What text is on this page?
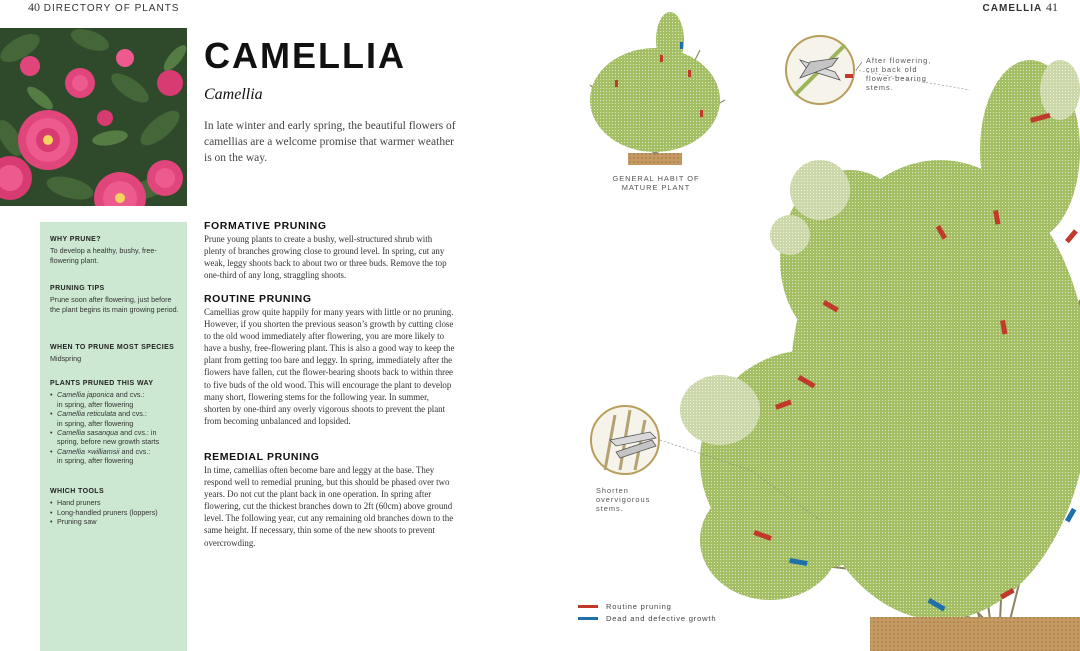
40 DIRECTORY OF PLANTS	CAMELLIA 41
CAMELLIA
Camellia
In late winter and early spring, the beautiful flowers of camellias are a welcome promise that warmer weather is on the way.
WHY PRUNE?
To develop a healthy, bushy, free-flowering plant.
PRUNING TIPS
Prune soon after flowering, just before the plant begins its main growing period.
WHEN TO PRUNE MOST SPECIES
Midspring
PLANTS PRUNED THIS WAY
• Camellia japonica and cvs.:
in spring, after flowering
• Camellia reticulata and cvs.:
in spring, after flowering
• Camellia sasanqua and cvs.: in
spring, before new growth starts
• Camellia ×williamsii and cvs.:
in spring, after flowering
WHICH TOOLS
• Hand pruners
• Long-handled pruners (loppers)
• Pruning saw
FORMATIVE PRUNING
Prune young plants to create a bushy, well-structured shrub with plenty of branches growing close to ground level. In spring, cut any weak, leggy shoots back to about two or three buds. Remove the top one-third of any long, straggling shoots.
ROUTINE PRUNING
Camellias grow quite happily for many years with little or no pruning. However, if you shorten the previous season’s growth by cutting close to the old wood immediately after flowering, you are more likely to have a bushy, free-flowering plant. This is also a good way to keep the plant from getting too bare and leggy. In spring, immediately after the flowers have fallen, cut the flower-bearing shoots back to within three to five buds of the old wood. This will encourage the plant to develop many short, flowering stems for the following year. In summer, shorten by one-third any overly vigorous shoots to prevent the plant from becoming unbalanced and lopsided.
REMEDIAL PRUNING
In time, camellias often become bare and leggy at the base. They respond well to remedial pruning, but this should be phased over two years. Do not cut the plant back in one operation. In spring after flowering, cut the thickest branches down to 2ft (60cm) above ground level. The following year, cut any remaining old branches down to the same height. If necessary, thin some of the new shoots to prevent overcrowding.
GENERAL HABIT OF MATURE PLANT
After flowering, cut back old flower-bearing stems.
Shorten overvigorous stems.
Routine pruning
Dead and defective growth
